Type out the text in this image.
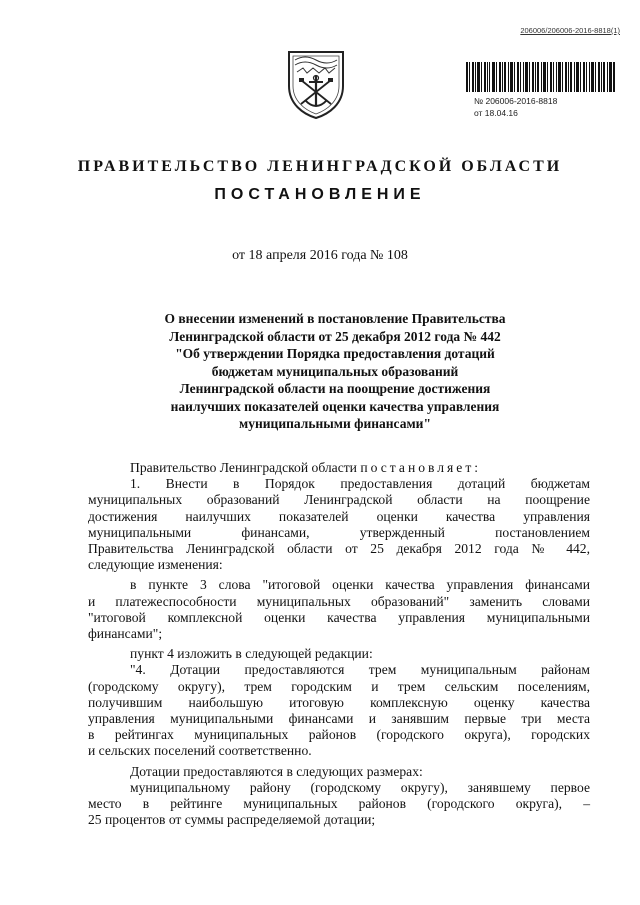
206006/206006-2016-8818(1)
№ 206006-2016-8818
от 18.04.16
ПРАВИТЕЛЬСТВО ЛЕНИНГРАДСКОЙ ОБЛАСТИ
ПОСТАНОВЛЕНИЕ
от 18 апреля 2016 года № 108
О внесении изменений в постановление Правительства
Ленинградской области от 25 декабря 2012 года № 442
"Об утверждении Порядка предоставления дотаций
бюджетам муниципальных образований
Ленинградской области на поощрение достижения
наилучших показателей оценки качества управления
муниципальными финансами"
Правительство Ленинградской области постановляет:
1. Внести в Порядок предоставления дотаций бюджетам
муниципальных образований Ленинградской области на поощрение
достижения наилучших показателей оценки качества управления
муниципальными финансами, утвержденный постановлением
Правительства Ленинградской области от 25 декабря 2012 года № 442,
следующие изменения:
в пункте 3 слова "итоговой оценки качества управления финансами
и платежеспособности муниципальных образований" заменить словами
"итоговой комплексной оценки качества управления муниципальными
финансами";
пункт 4 изложить в следующей редакции:
"4. Дотации предоставляются трем муниципальным районам
(городскому округу), трем городским и трем сельским поселениям,
получившим наибольшую итоговую комплексную оценку качества
управления муниципальными финансами и занявшим первые три места
в рейтингах муниципальных районов (городского округа), городских
и сельских поселений соответственно.
Дотации предоставляются в следующих размерах:
муниципальному району (городскому округу), занявшему первое
место в рейтинге муниципальных районов (городского округа), –
25 процентов от суммы распределяемой дотации;
